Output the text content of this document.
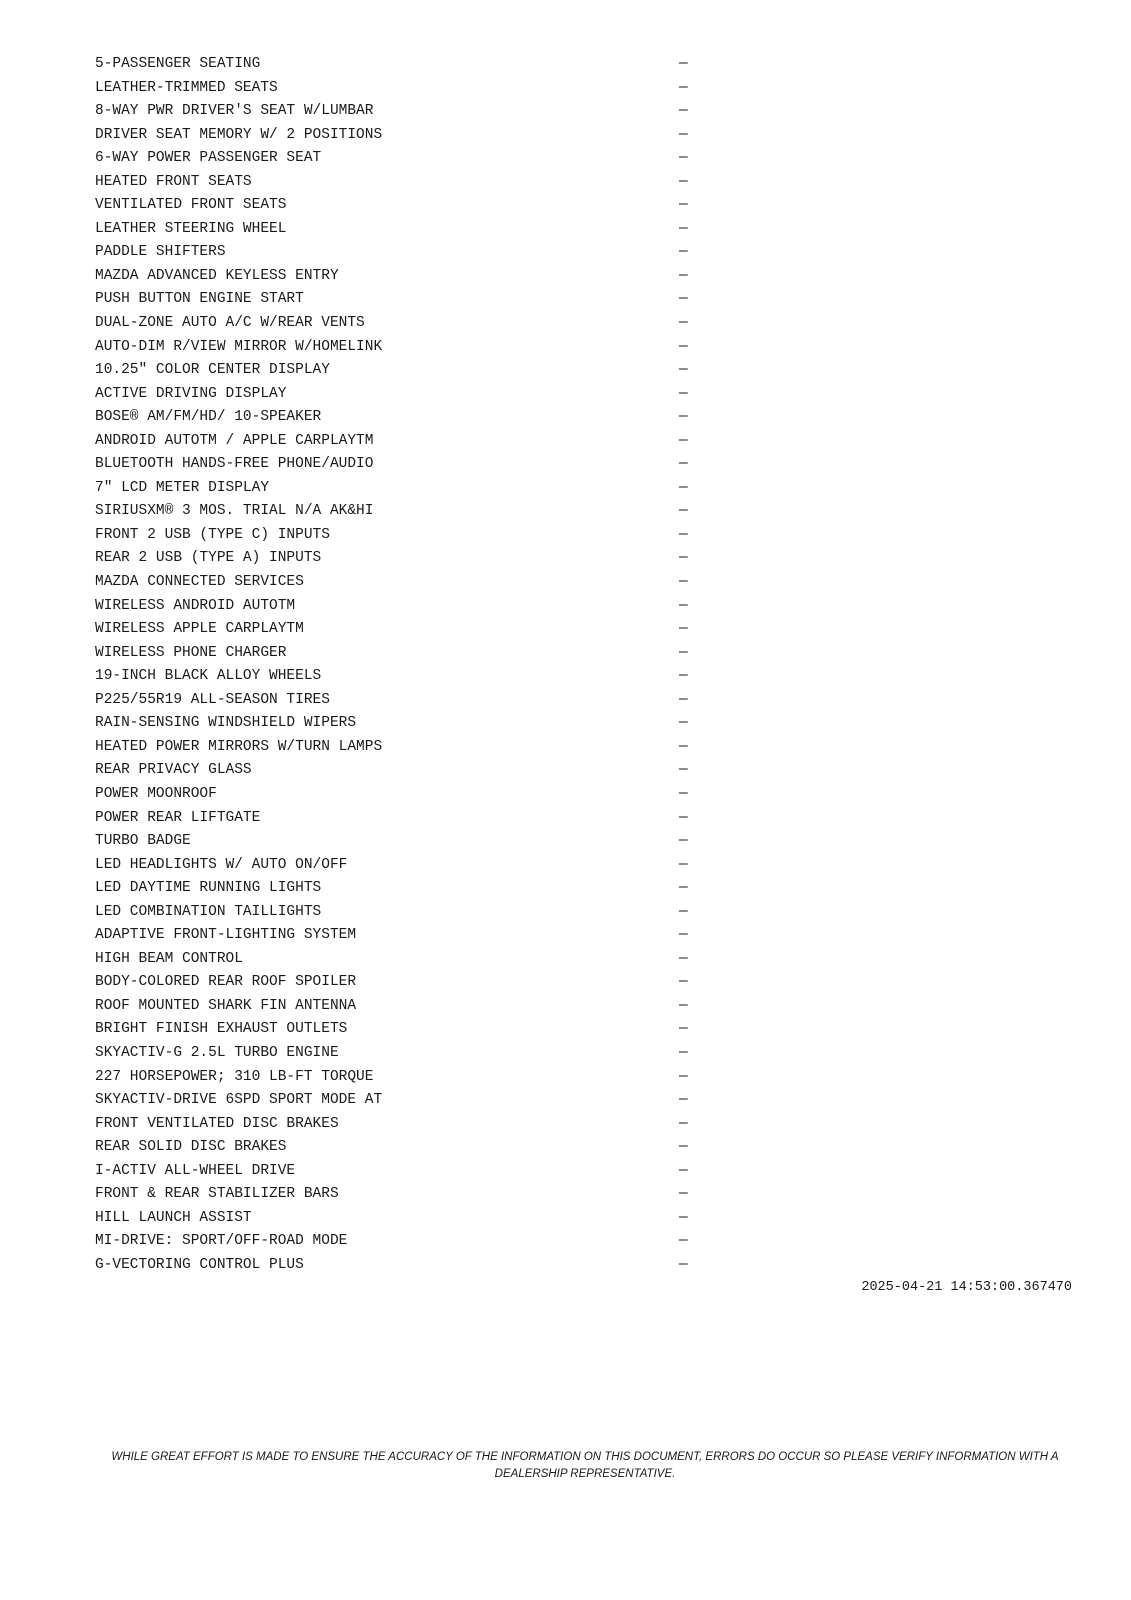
5-PASSENGER SEATING	—
LEATHER-TRIMMED SEATS	—
8-WAY PWR DRIVER'S SEAT W/LUMBAR	—
DRIVER SEAT MEMORY W/ 2 POSITIONS	—
6-WAY POWER PASSENGER SEAT	—
HEATED FRONT SEATS	—
VENTILATED FRONT SEATS	—
LEATHER STEERING WHEEL	—
PADDLE SHIFTERS	—
MAZDA ADVANCED KEYLESS ENTRY	—
PUSH BUTTON ENGINE START	—
DUAL-ZONE AUTO A/C W/REAR VENTS	—
AUTO-DIM R/VIEW MIRROR W/HOMELINK	—
10.25" COLOR CENTER DISPLAY	—
ACTIVE DRIVING DISPLAY	—
BOSE® AM/FM/HD/ 10-SPEAKER	—
ANDROID AUTOTM / APPLE CARPLAYTM	—
BLUETOOTH HANDS-FREE PHONE/AUDIO	—
7" LCD METER DISPLAY	—
SIRIUSXM® 3 MOS. TRIAL N/A AK&HI	—
FRONT 2 USB (TYPE C) INPUTS	—
REAR 2 USB (TYPE A) INPUTS	—
MAZDA CONNECTED SERVICES	—
WIRELESS ANDROID AUTOTM	—
WIRELESS APPLE CARPLAYTM	—
WIRELESS PHONE CHARGER	—
19-INCH BLACK ALLOY WHEELS	—
P225/55R19 ALL-SEASON TIRES	—
RAIN-SENSING WINDSHIELD WIPERS	—
HEATED POWER MIRRORS W/TURN LAMPS	—
REAR PRIVACY GLASS	—
POWER MOONROOF	—
POWER REAR LIFTGATE	—
TURBO BADGE	—
LED HEADLIGHTS W/ AUTO ON/OFF	—
LED DAYTIME RUNNING LIGHTS	—
LED COMBINATION TAILLIGHTS	—
ADAPTIVE FRONT-LIGHTING SYSTEM	—
HIGH BEAM CONTROL	—
BODY-COLORED REAR ROOF SPOILER	—
ROOF MOUNTED SHARK FIN ANTENNA	—
BRIGHT FINISH EXHAUST OUTLETS	—
SKYACTIV-G 2.5L TURBO ENGINE	—
227 HORSEPOWER; 310 LB-FT TORQUE	—
SKYACTIV-DRIVE 6SPD SPORT MODE AT	—
FRONT VENTILATED DISC BRAKES	—
REAR SOLID DISC BRAKES	—
I-ACTIV ALL-WHEEL DRIVE	—
FRONT & REAR STABILIZER BARS	—
HILL LAUNCH ASSIST	—
MI-DRIVE: SPORT/OFF-ROAD MODE	—
G-VECTORING CONTROL PLUS	—
2025-04-21 14:53:00.367470
WHILE GREAT EFFORT IS MADE TO ENSURE THE ACCURACY OF THE INFORMATION ON THIS DOCUMENT, ERRORS DO OCCUR SO PLEASE VERIFY INFORMATION WITH A DEALERSHIP REPRESENTATIVE.
